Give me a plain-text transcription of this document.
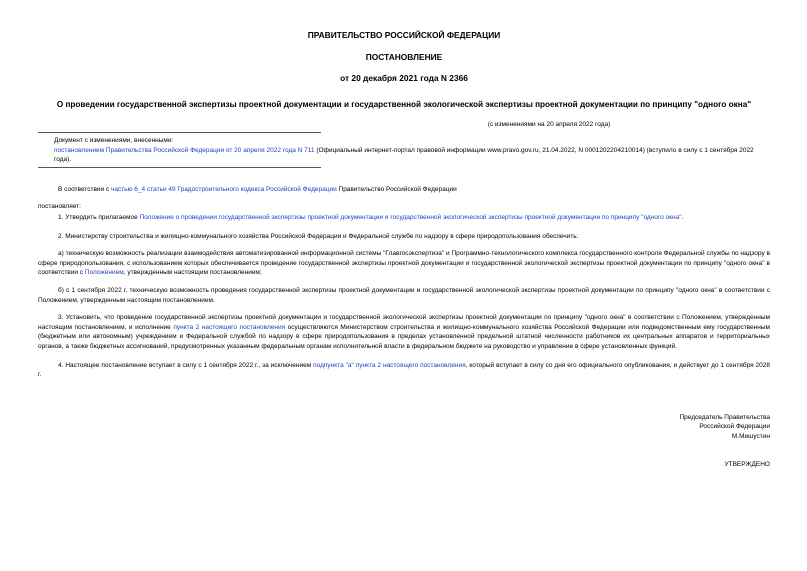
ПРАВИТЕЛЬСТВО РОССИЙСКОЙ ФЕДЕРАЦИИ
ПОСТАНОВЛЕНИЕ
от 20 декабря 2021 года N 2366
О проведении государственной экспертизы проектной документации и государственной экологической экспертизы проектной документации по принципу "одного окна"
(с изменениями на 20 апреля 2022 года)
Документ с изменениями, внесенными:
постановлением Правительства Российской Федерации от 20 апреля 2022 года N 711 (Официальный интернет-портал правовой информации www.pravo.gov.ru, 21.04.2022, N 0001202204210014) (вступило в силу с 1 сентября 2022 года).
В соответствии с частью 6_4 статьи 49 Градостроительного кодекса Российской Федерации Правительство Российской Федерации
постановляет:
1. Утвердить прилагаемое Положение о проведении государственной экспертизы проектной документации и государственной экологической экспертизы проектной документации по принципу "одного окна".
2. Министерству строительства и жилищно-коммунального хозяйства Российской Федерации и Федеральной службе по надзору в сфере природопользования обеспечить:
а) техническую возможность реализации взаимодействия автоматизированной информационной системы "Главгосэкспертиза" и Программно-технологического комплекса государственного контроля Федеральной службы по надзору в сфере природопользования, с использованием которых обеспечивается проведение государственной экспертизы проектной документации и государственной экологической экспертизы проектной документации по принципу "одного окна" в соответствии с Положением, утвержденным настоящим постановлением;
б) с 1 сентября 2022 г. техническую возможность проведения государственной экспертизы проектной документации и государственной экологической экспертизы проектной документации по принципу "одного окна" в соответствии с Положением, утвержденным настоящим постановлением.
3. Установить, что проведение государственной экспертизы проектной документации и государственной экологической экспертизы проектной документации по принципу "одного окна" в соответствии с Положением, утвержденным настоящим постановлением, и исполнение пункта 2 настоящего постановления осуществляются Министерством строительства и жилищно-коммунального хозяйства Российской Федерации или подведомственным ему государственным (бюджетным или автономным) учреждением и Федеральной службой по надзору в сфере природопользования в пределах установленной предельной штатной численности работников их центральных аппаратов и территориальных органов, а также бюджетных ассигнований, предусмотренных указанным федеральным органам исполнительной власти в федеральном бюджете на руководство и управление в сфере установленных функций.
4. Настоящее постановление вступает в силу с 1 сентября 2022 г., за исключением подпункта "а" пункта 2 настоящего постановления, который вступает в силу со дня его официального опубликования, и действует до 1 сентября 2028 г.
Председатель Правительства
Российской Федерации
М.Мишустин
УТВЕРЖДЕНО
